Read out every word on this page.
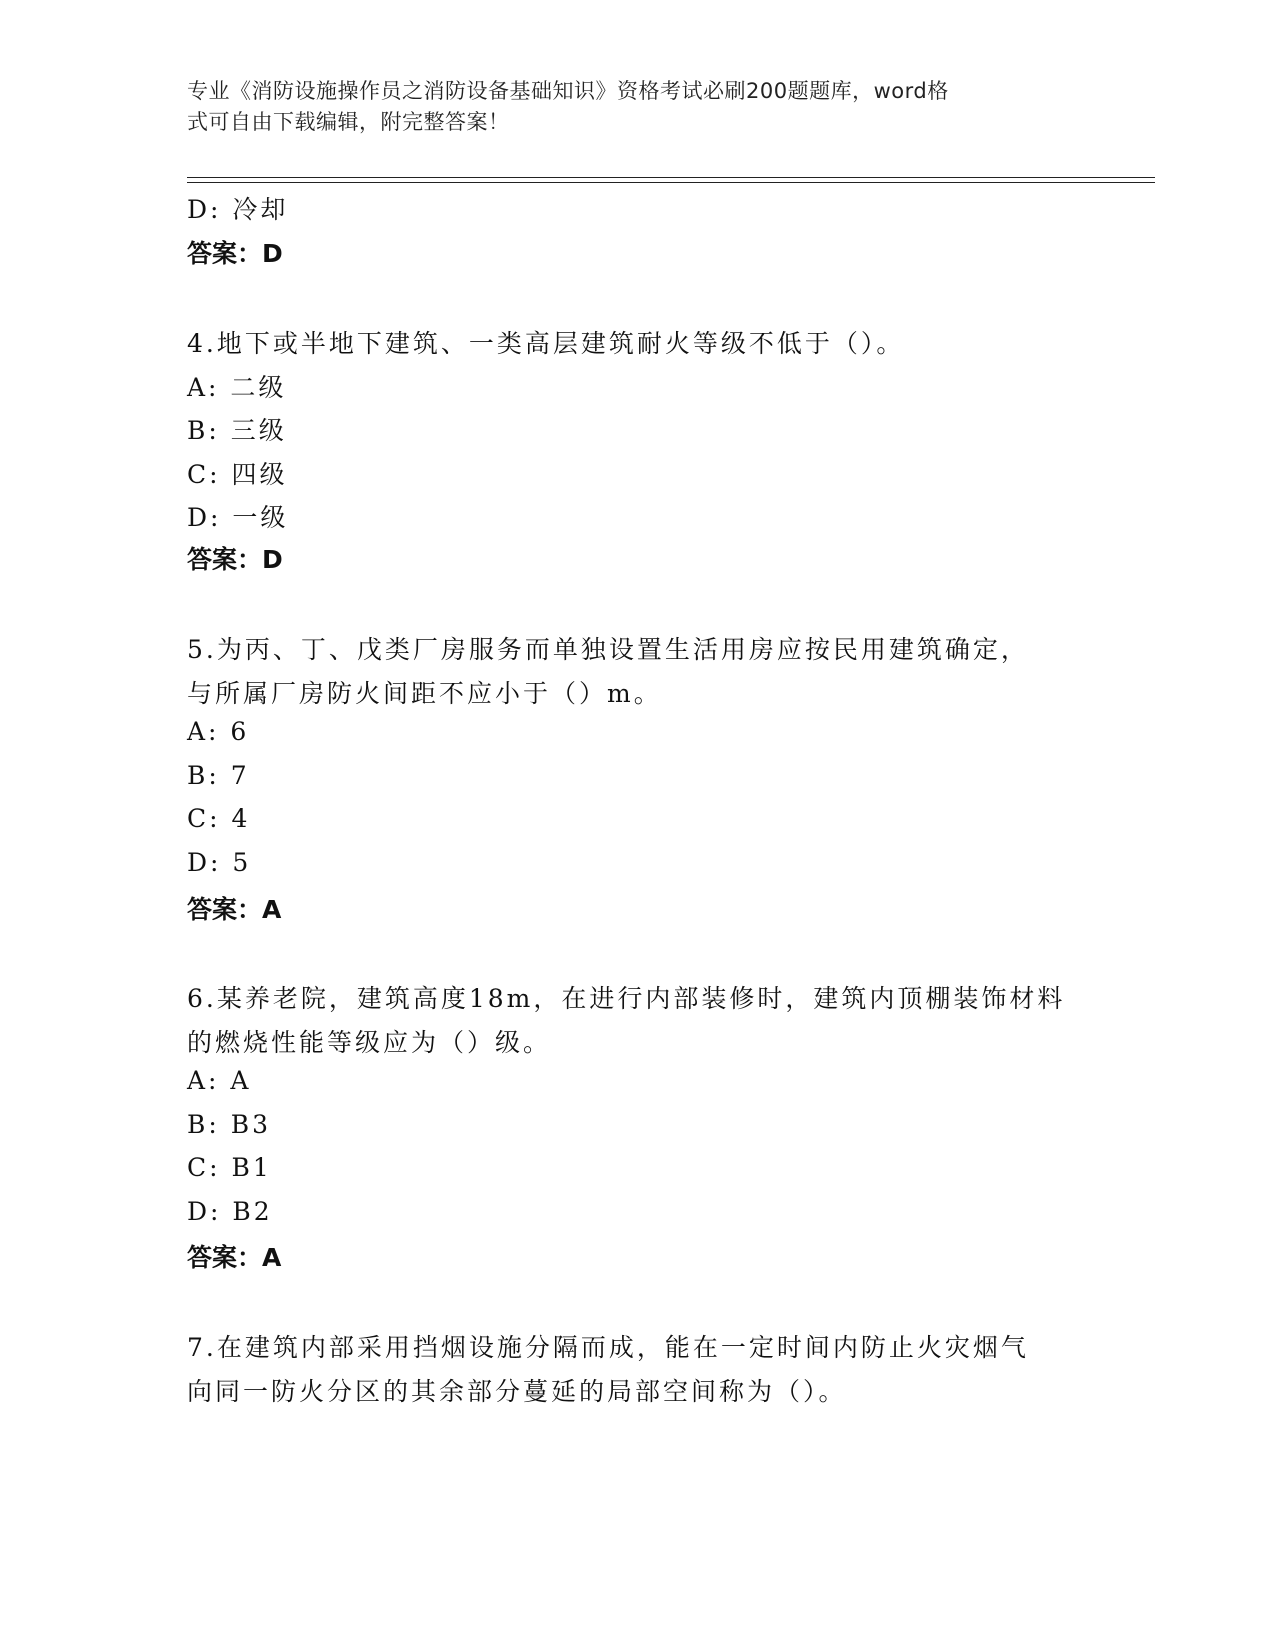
专业《消防设施操作员之消防设备基础知识》资格考试必刷200题题库，word格
式可自由下载编辑，附完整答案！
D: 冷却
答案：D
4.地下或半地下建筑、一类高层建筑耐火等级不低于（）。
A: 二级
B: 三级
C: 四级
D: 一级
答案：D
5.为丙、丁、戊类厂房服务而单独设置生活用房应按民用建筑确定，
与所属厂房防火间距不应小于（）m。
A: 6
B: 7
C: 4
D: 5
答案：A
6.某养老院，建筑高度18m，在进行内部装修时，建筑内顶棚装饰材料
的燃烧性能等级应为（）级。
A: A
B: B3
C: B1
D: B2
答案：A
7.在建筑内部采用挡烟设施分隔而成，能在一定时间内防止火灾烟气
向同一防火分区的其余部分蔓延的局部空间称为（）。
